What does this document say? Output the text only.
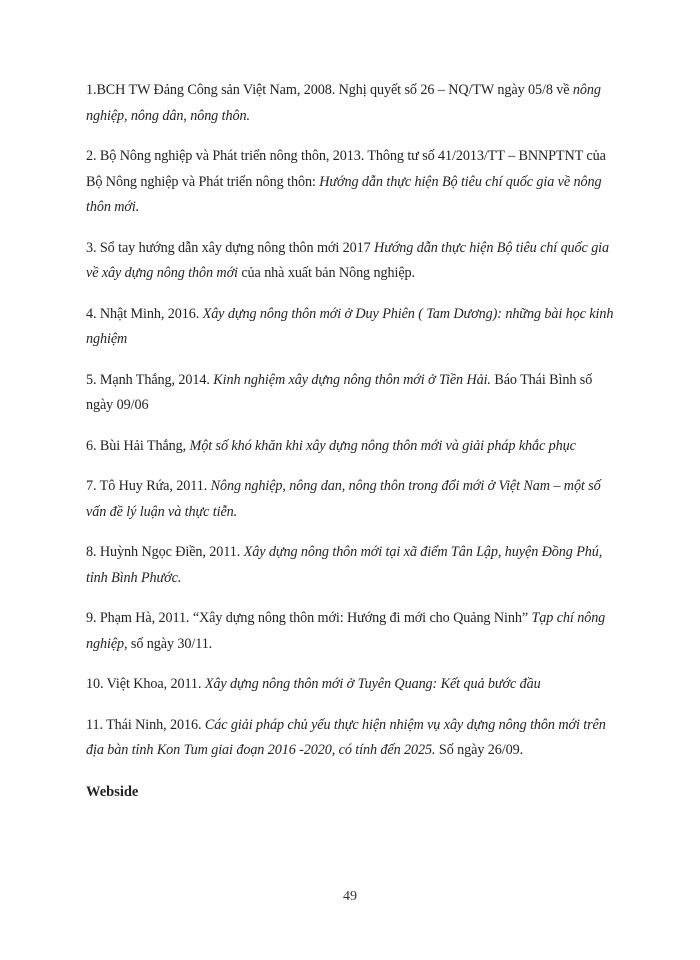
1.BCH TW Đảng Công sản Việt Nam, 2008. Nghị quyết số 26 – NQ/TW ngày 05/8 về nông nghiệp, nông dân, nông thôn.

2. Bộ Nông nghiệp và Phát triển nông thôn, 2013. Thông tư số 41/2013/TT – BNNPTNT của Bộ Nông nghiệp và Phát triển nông thôn: Hướng dẫn thực hiện Bộ tiêu chí quốc gia về nông thôn mới.

3. Sổ tay hướng dẫn xây dựng nông thôn mới 2017 Hướng dẫn thực hiện Bộ tiêu chí quốc gia về xây dựng nông thôn mới của nhà xuất bản Nông nghiệp.

4. Nhật Minh, 2016. Xây dựng nông thôn mới ở Duy Phiên ( Tam Dương): những bài học kinh nghiệm

5. Mạnh Thắng, 2014. Kinh nghiệm xây dựng nông thôn mới ở Tiền Hải. Báo Thái Bình số ngày 09/06

6. Bùi Hải Thắng, Một số khó khăn khi xây dựng nông thôn mới và giải pháp khắc phục

7. Tô Huy Rứa, 2011. Nông nghiệp, nông dan, nông thôn trong đổi mới ở Việt Nam – một số vấn đề lý luận và thực tiễn.

8. Huỳnh Ngọc Điền, 2011. Xây dựng nông thôn mới tại xã điểm Tân Lập, huyện Đồng Phú, tỉnh Bình Phước.

9. Phạm Hà, 2011. “Xây dựng nông thôn mới: Hướng đi mới cho Quảng Ninh” Tạp chí nông nghiệp, số ngày 30/11.

10. Việt Khoa, 2011. Xây dựng nông thôn mới ở Tuyên Quang: Kết quả bước đầu

11. Thái Ninh, 2016. Các giải pháp chủ yếu thực hiện nhiệm vụ xây dựng nông thôn mới trên địa bàn tỉnh Kon Tum giai đoạn 2016 -2020, có tính đến 2025. Số ngày 26/09.

Webside
49
